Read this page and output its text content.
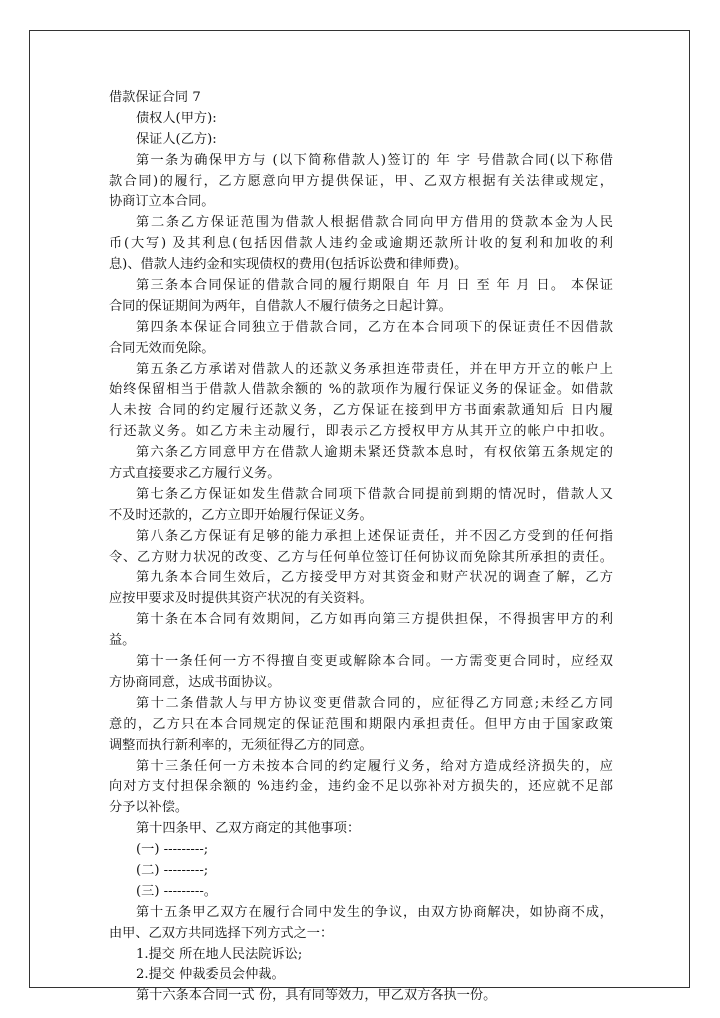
借款保证合同 7
债权人(甲方):
保证人(乙方):
第一条为确保甲方与 (以下简称借款人)签订的 年 字 号借款合同(以下称借
款合同)的履行，乙方愿意向甲方提供保证，甲、乙双方根据有关法律或规定，
协商订立本合同。
第二条乙方保证范围为借款人根据借款合同向甲方借用的贷款本金为人民
币(大写) 及其利息(包括因借款人违约金或逾期还款所计收的复利和加收的利
息)、借款人违约金和实现债权的费用(包括诉讼费和律师费)。
第三条本合同保证的借款合同的履行期限自 年 月 日 至 年 月 日。 本保证
合同的保证期间为两年，自借款人不履行债务之日起计算。
第四条本保证合同独立于借款合同，乙方在本合同项下的保证责任不因借款
合同无效而免除。
第五条乙方承诺对借款人的还款义务承担连带责任，并在甲方开立的帐户上
始终保留相当于借款人借款余额的 %的款项作为履行保证义务的保证金。如借款
人未按 合同的约定履行还款义务，乙方保证在接到甲方书面索款通知后 日内履
行还款义务。如乙方未主动履行，即表示乙方授权甲方从其开立的帐户中扣收。
第六条乙方同意甲方在借款人逾期未紧还贷款本息时，有权依第五条规定的
方式直接要求乙方履行义务。
第七条乙方保证如发生借款合同项下借款合同提前到期的情况时，借款人又
不及时还款的，乙方立即开始履行保证义务。
第八条乙方保证有足够的能力承担上述保证责任，并不因乙方受到的任何指
令、乙方财力状况的改变、乙方与任何单位签订任何协议而免除其所承担的责任。
第九条本合同生效后，乙方接受甲方对其资金和财产状况的调查了解，乙方
应按甲要求及时提供其资产状况的有关资料。
第十条在本合同有效期间，乙方如再向第三方提供担保，不得损害甲方的利
益。
第十一条任何一方不得擅自变更或解除本合同。一方需变更合同时，应经双
方协商同意，达成书面协议。
第十二条借款人与甲方协议变更借款合同的，应征得乙方同意;未经乙方同
意的，乙方只在本合同规定的保证范围和期限内承担责任。但甲方由于国家政策
调整而执行新利率的，无须征得乙方的同意。
第十三条任何一方未按本合同的约定履行义务，给对方造成经济损失的，应
向对方支付担保余额的 %违约金，违约金不足以弥补对方损失的，还应就不足部
分予以补偿。
第十四条甲、乙双方商定的其他事项：
(一) ---------;
(二) ---------;
(三) ---------。
第十五条甲乙双方在履行合同中发生的争议，由双方协商解决，如协商不成，
由甲、乙双方共同选择下列方式之一：
1.提交 所在地人民法院诉讼;
2.提交 仲裁委员会仲裁。
第十六条本合同一式 份，具有同等效力，甲乙双方各执一份。
